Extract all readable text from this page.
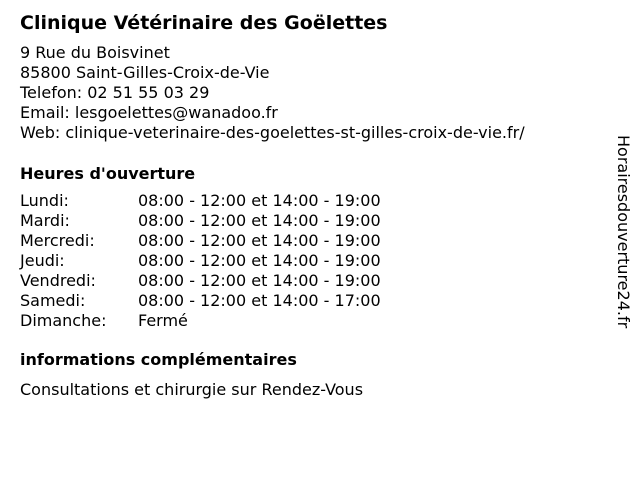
Clinique Vétérinaire des Goëlettes
9 Rue du Boisvinet
85800 Saint-Gilles-Croix-de-Vie
Telefon: 02 51 55 03 29
Email: lesgoelettes@wanadoo.fr
Web: clinique-veterinaire-des-goelettes-st-gilles-croix-de-vie.fr/
Heures d'ouverture
Lundi:	08:00 - 12:00 et 14:00 - 19:00
Mardi:	08:00 - 12:00 et 14:00 - 19:00
Mercredi:	08:00 - 12:00 et 14:00 - 19:00
Jeudi:	08:00 - 12:00 et 14:00 - 19:00
Vendredi:	08:00 - 12:00 et 14:00 - 19:00
Samedi:	08:00 - 12:00 et 14:00 - 17:00
Dimanche:	Fermé
informations complémentaires
Consultations et chirurgie sur Rendez-Vous
Horairesdouverture24.fr
